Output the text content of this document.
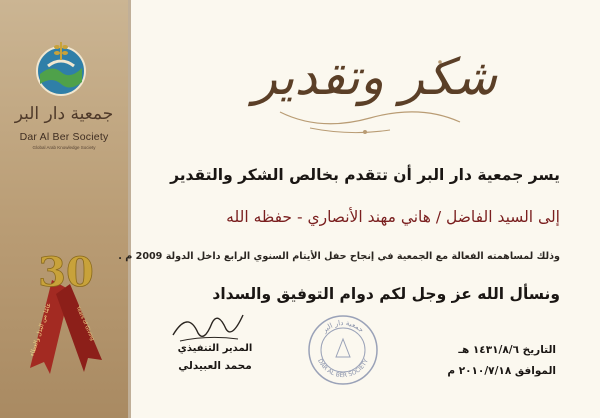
جمعية دار البر
Dar Al Ber Society
Global Arab Knowledge Society
30
عامًا من البذل والعطاء	Years of Giving
شكر وتقدير
يسر جمعية دار البر أن تتقدم بخالص الشكر والتقدير
إلى السيد الفاضل / هاني مهند الأنصاري - حفظه الله
وذلك لمساهمته الفعالة مع الجمعية في إنجاح حفل الأيتام السنوي الرابع داخل الدولة 2009 م .
ونسأل الله عز وجل لكم دوام التوفيق والسداد
المدير التنفيذي
محمد العبيدلي
جمعية دار البر
DAR AL BER SOCIETY
التاريخ ١٤٣١/٨/٦ هـ
الموافق ٢٠١٠/٧/١٨ م
